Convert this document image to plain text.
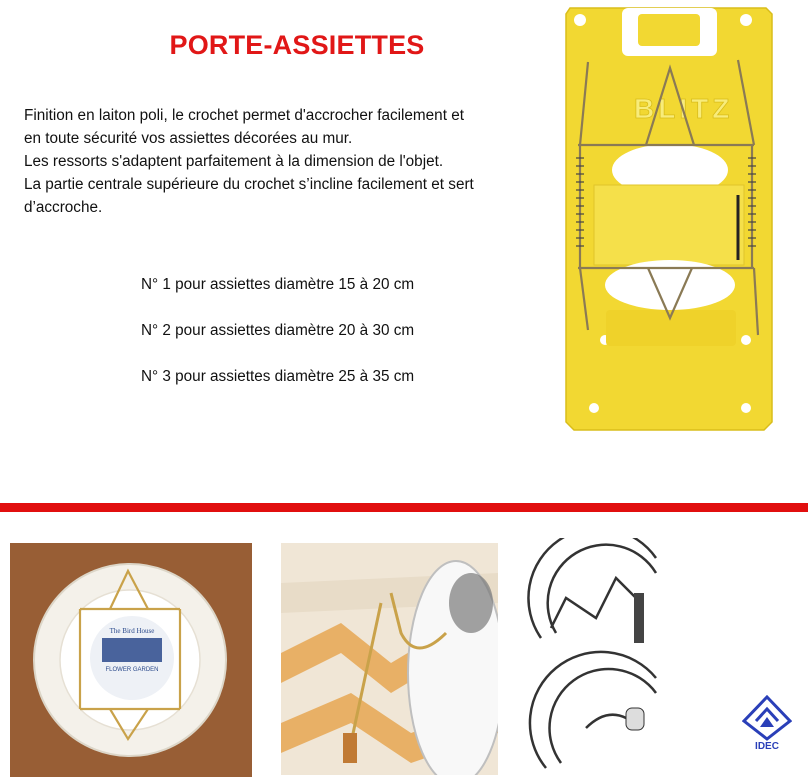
PORTE-ASSIETTES
Finition en laiton poli, le crochet permet d'accrocher facilement et
en toute sécurité vos assiettes décorées au mur.
Les ressorts s'adaptent parfaitement à la dimension de l'objet.
La partie centrale supérieure du crochet s’incline facilement et sert
d’accroche.
N° 1 pour assiettes diamètre 15 à 20 cm
N° 2 pour assiettes diamètre 20 à 30 cm
N° 3 pour assiettes diamètre 25 à 35 cm
BLITZ
The Bird House
FLOWER GARDEN
IDEC
